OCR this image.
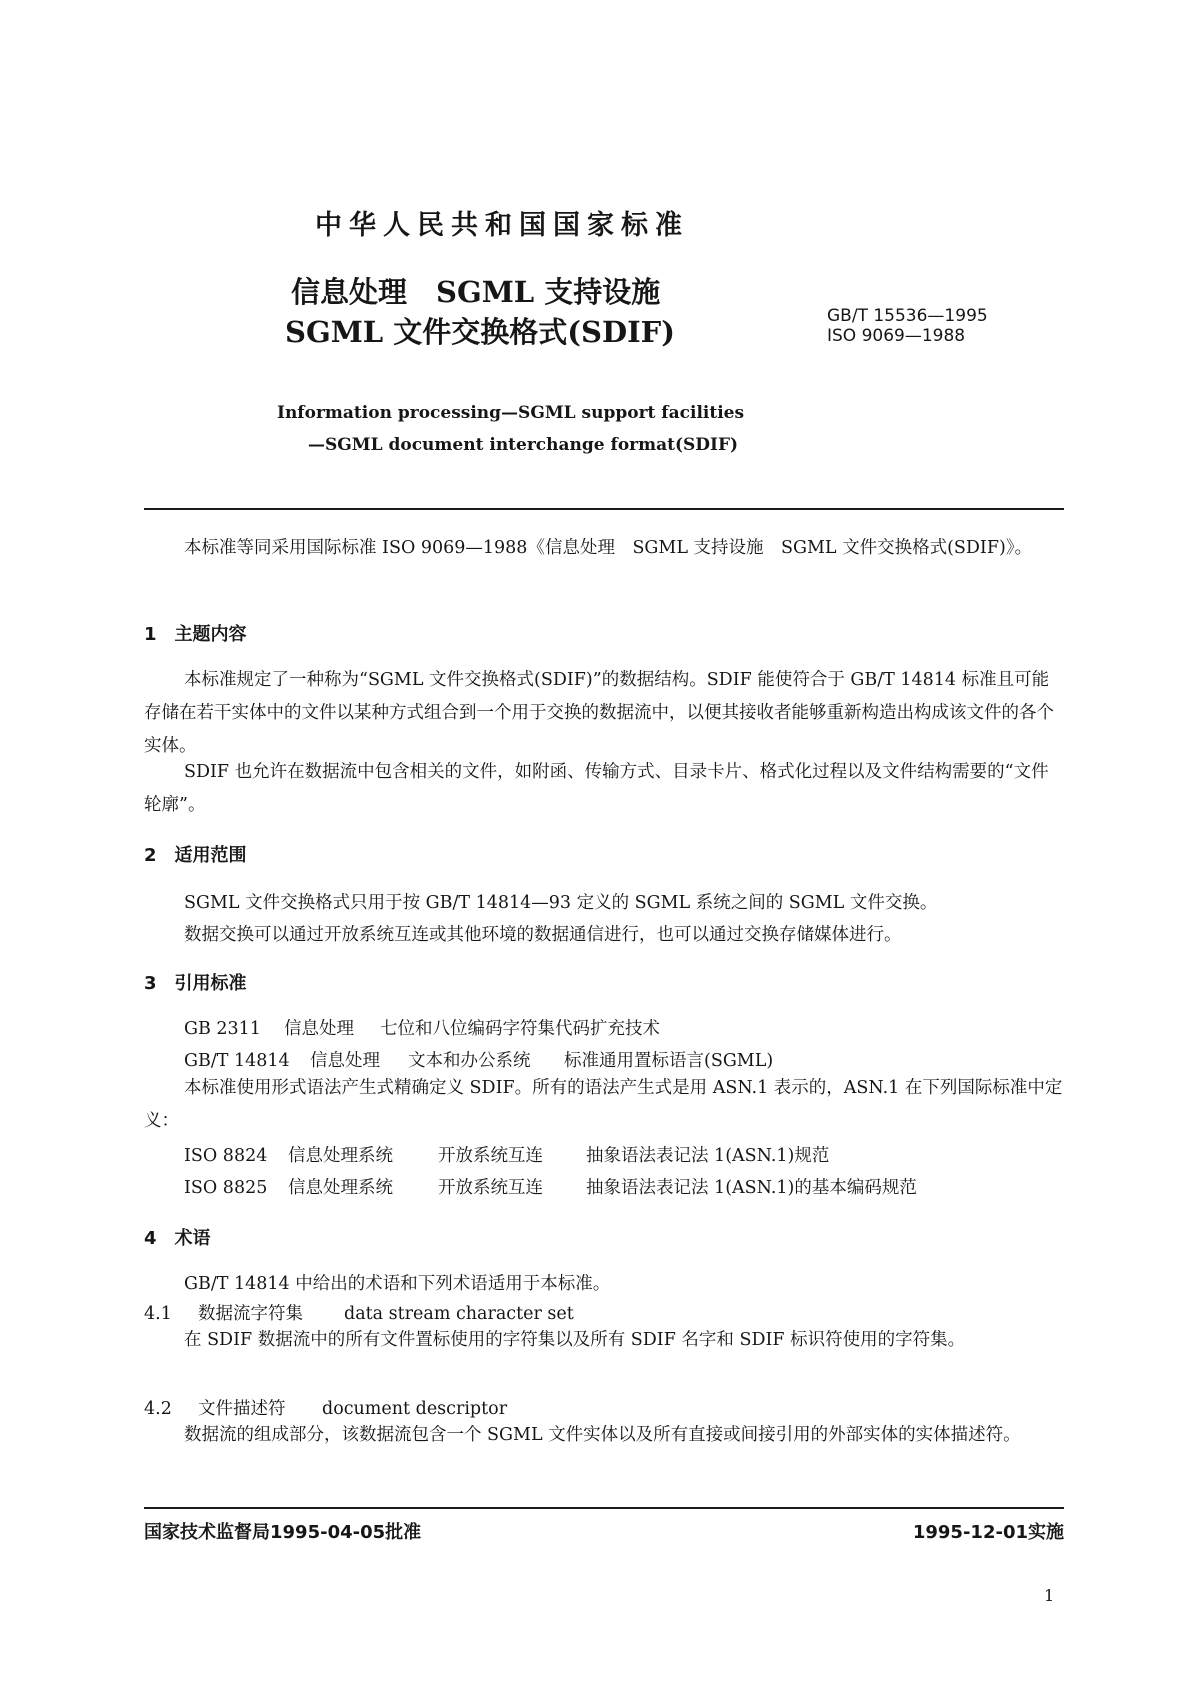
中华人民共和国国家标准
信息处理　SGML 支持设施
SGML 文件交换格式(SDIF)	GB/T 15536—1995
ISO 9069—1988
Information processing—SGML support facilities
—SGML document interchange format(SDIF)
本标准等同采用国际标准 ISO 9069—1988《信息处理　SGML 支持设施　SGML 文件交换格式(SDIF)》。
1 主题内容
本标准规定了一种称为“SGML 文件交换格式(SDIF)”的数据结构。SDIF 能使符合于 GB/T 14814 标准且可能存储在若干实体中的文件以某种方式组合到一个用于交换的数据流中，以便其接收者能够重新构造出构成该文件的各个实体。
SDIF 也允许在数据流中包含相关的文件，如附函、传输方式、目录卡片、格式化过程以及文件结构需要的“文件轮廓”。
2 适用范围
SGML 文件交换格式只用于按 GB/T 14814—93 定义的 SGML 系统之间的 SGML 文件交换。
数据交换可以通过开放系统互连或其他环境的数据通信进行，也可以通过交换存储媒体进行。
3 引用标准
GB 2311 信息处理 七位和八位编码字符集代码扩充技术
GB/T 14814 信息处理 文本和办公系统 标准通用置标语言(SGML)
本标准使用形式语法产生式精确定义 SDIF。所有的语法产生式是用 ASN.1 表示的，ASN.1 在下列国际标准中定义：
ISO 8824 信息处理系统	开放系统互连 抽象语法表记法 1(ASN.1)规范
ISO 8825 信息处理系统	开放系统互连 抽象语法表记法 1(ASN.1)的基本编码规范
4 术语
GB/T 14814 中给出的术语和下列术语适用于本标准。
4.1 数据流字符集 data stream character set
在 SDIF 数据流中的所有文件置标使用的字符集以及所有 SDIF 名字和 SDIF 标识符使用的字符集。
4.2 文件描述符 document descriptor
数据流的组成部分，该数据流包含一个 SGML 文件实体以及所有直接或间接引用的外部实体的实体描述符。
国家技术监督局1995-04-05批准	1995-12-01实施
1
